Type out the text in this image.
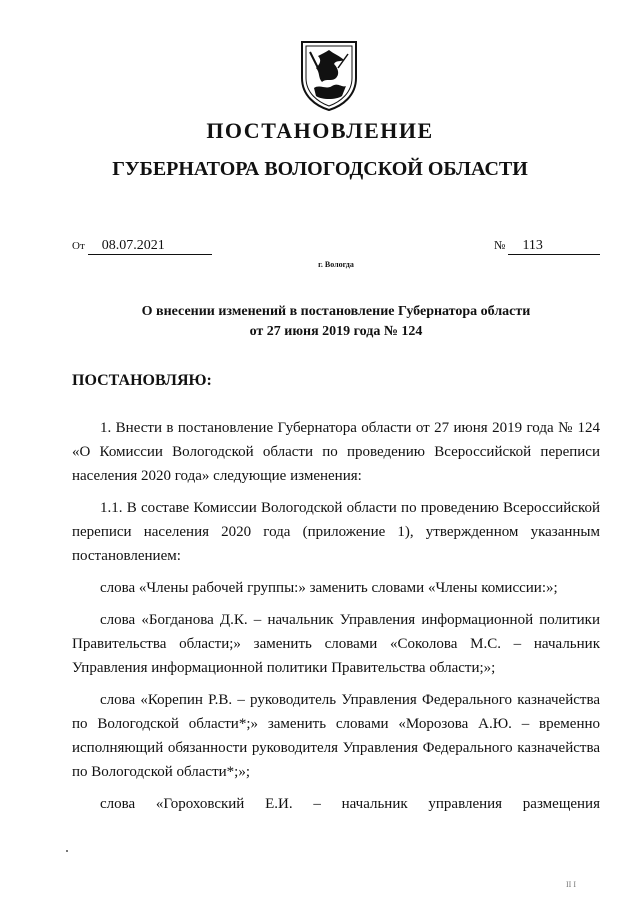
ПОСТАНОВЛЕНИЕ
ГУБЕРНАТОРА ВОЛОГОДСКОЙ ОБЛАСТИ
От 08.07.2021	№ 113
г. Вологда
О внесении изменений в постановление Губернатора области
от 27 июня 2019 года № 124
ПОСТАНОВЛЯЮ:

1. Внести в постановление Губернатора области от 27 июня 2019 года № 124 «О Комиссии Вологодской области по проведению Всероссийской переписи населения 2020 года» следующие изменения:

1.1. В составе Комиссии Вологодской области по проведению Всероссийской переписи населения 2020 года (приложение 1), утвержденном указанным постановлением:

слова «Члены рабочей группы:» заменить словами «Члены комиссии:»;

слова «Богданова Д.К. – начальник Управления информационной политики Правительства области;» заменить словами «Соколова М.С. – начальник Управления информационной политики Правительства области;»;

слова «Корепин Р.В. – руководитель Управления Федерального казначейства по Вологодской области*;» заменить словами «Морозова А.Ю. – временно исполняющий обязанности руководителя Управления Федерального казначейства по Вологодской области*;»;

слова «Гороховский Е.И. – начальник управления размещения

II I
